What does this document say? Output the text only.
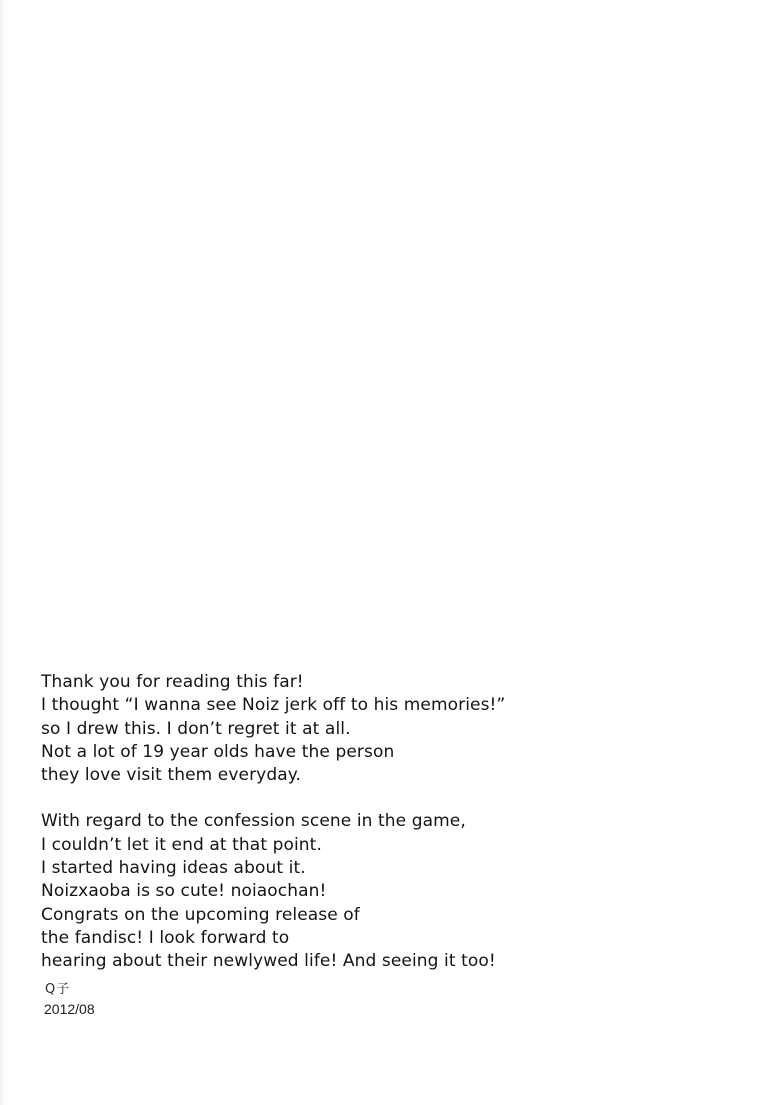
Thank you for reading this far!
I thought “I wanna see Noiz jerk off to his memories!”
so I drew this. I don’t regret it at all.
Not a lot of 19 year olds have the person
they love visit them everyday.

With regard to the confession scene in the game,
I couldn’t let it end at that point.
I started having ideas about it.
Noizxaoba is so cute! noiaochan!
Congrats on the upcoming release of
the fandisc! I look forward to
hearing about their newlywed life! And seeing it too!

Q子
2012/08
